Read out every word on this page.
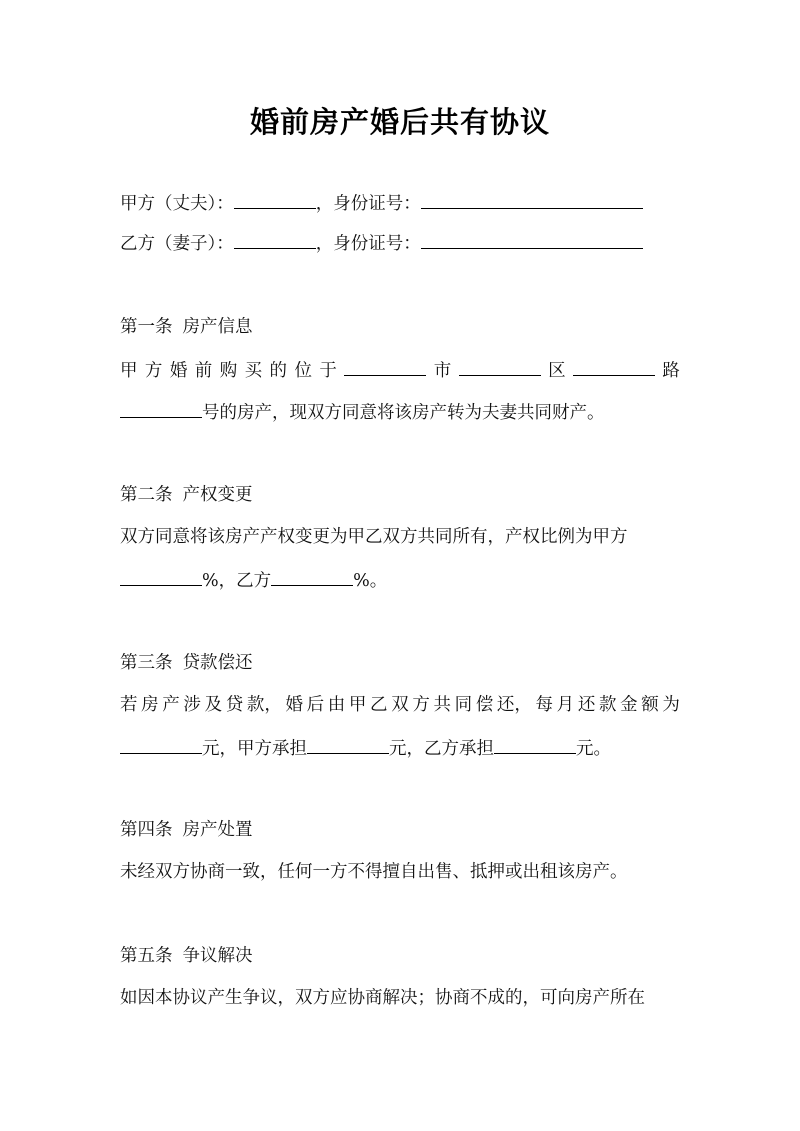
婚前房产婚后共有协议
甲方（丈夫）：	，身份证号：
乙方（妻子）：	，身份证号：
第一条 房产信息
甲 方 婚 前 购 买 的 位 于	市	区	路
号的房产，现双方同意将该房产转为夫妻共同财产。
第二条 产权变更
双方同意将该房产产权变更为甲乙双方共同所有，产权比例为甲方
%，乙方	%。
第三条 贷款偿还
若 房 产 涉 及 贷 款， 婚 后 由 甲 乙 双 方 共 同 偿 还， 每 月 还 款 金 额 为
元，甲方承担	元，乙方承担	元。
第四条 房产处置
未经双方协商一致，任何一方不得擅自出售、抵押或出租该房产。
第五条 争议解决
如因本协议产生争议，双方应协商解决；协商不成的，可向房产所在
